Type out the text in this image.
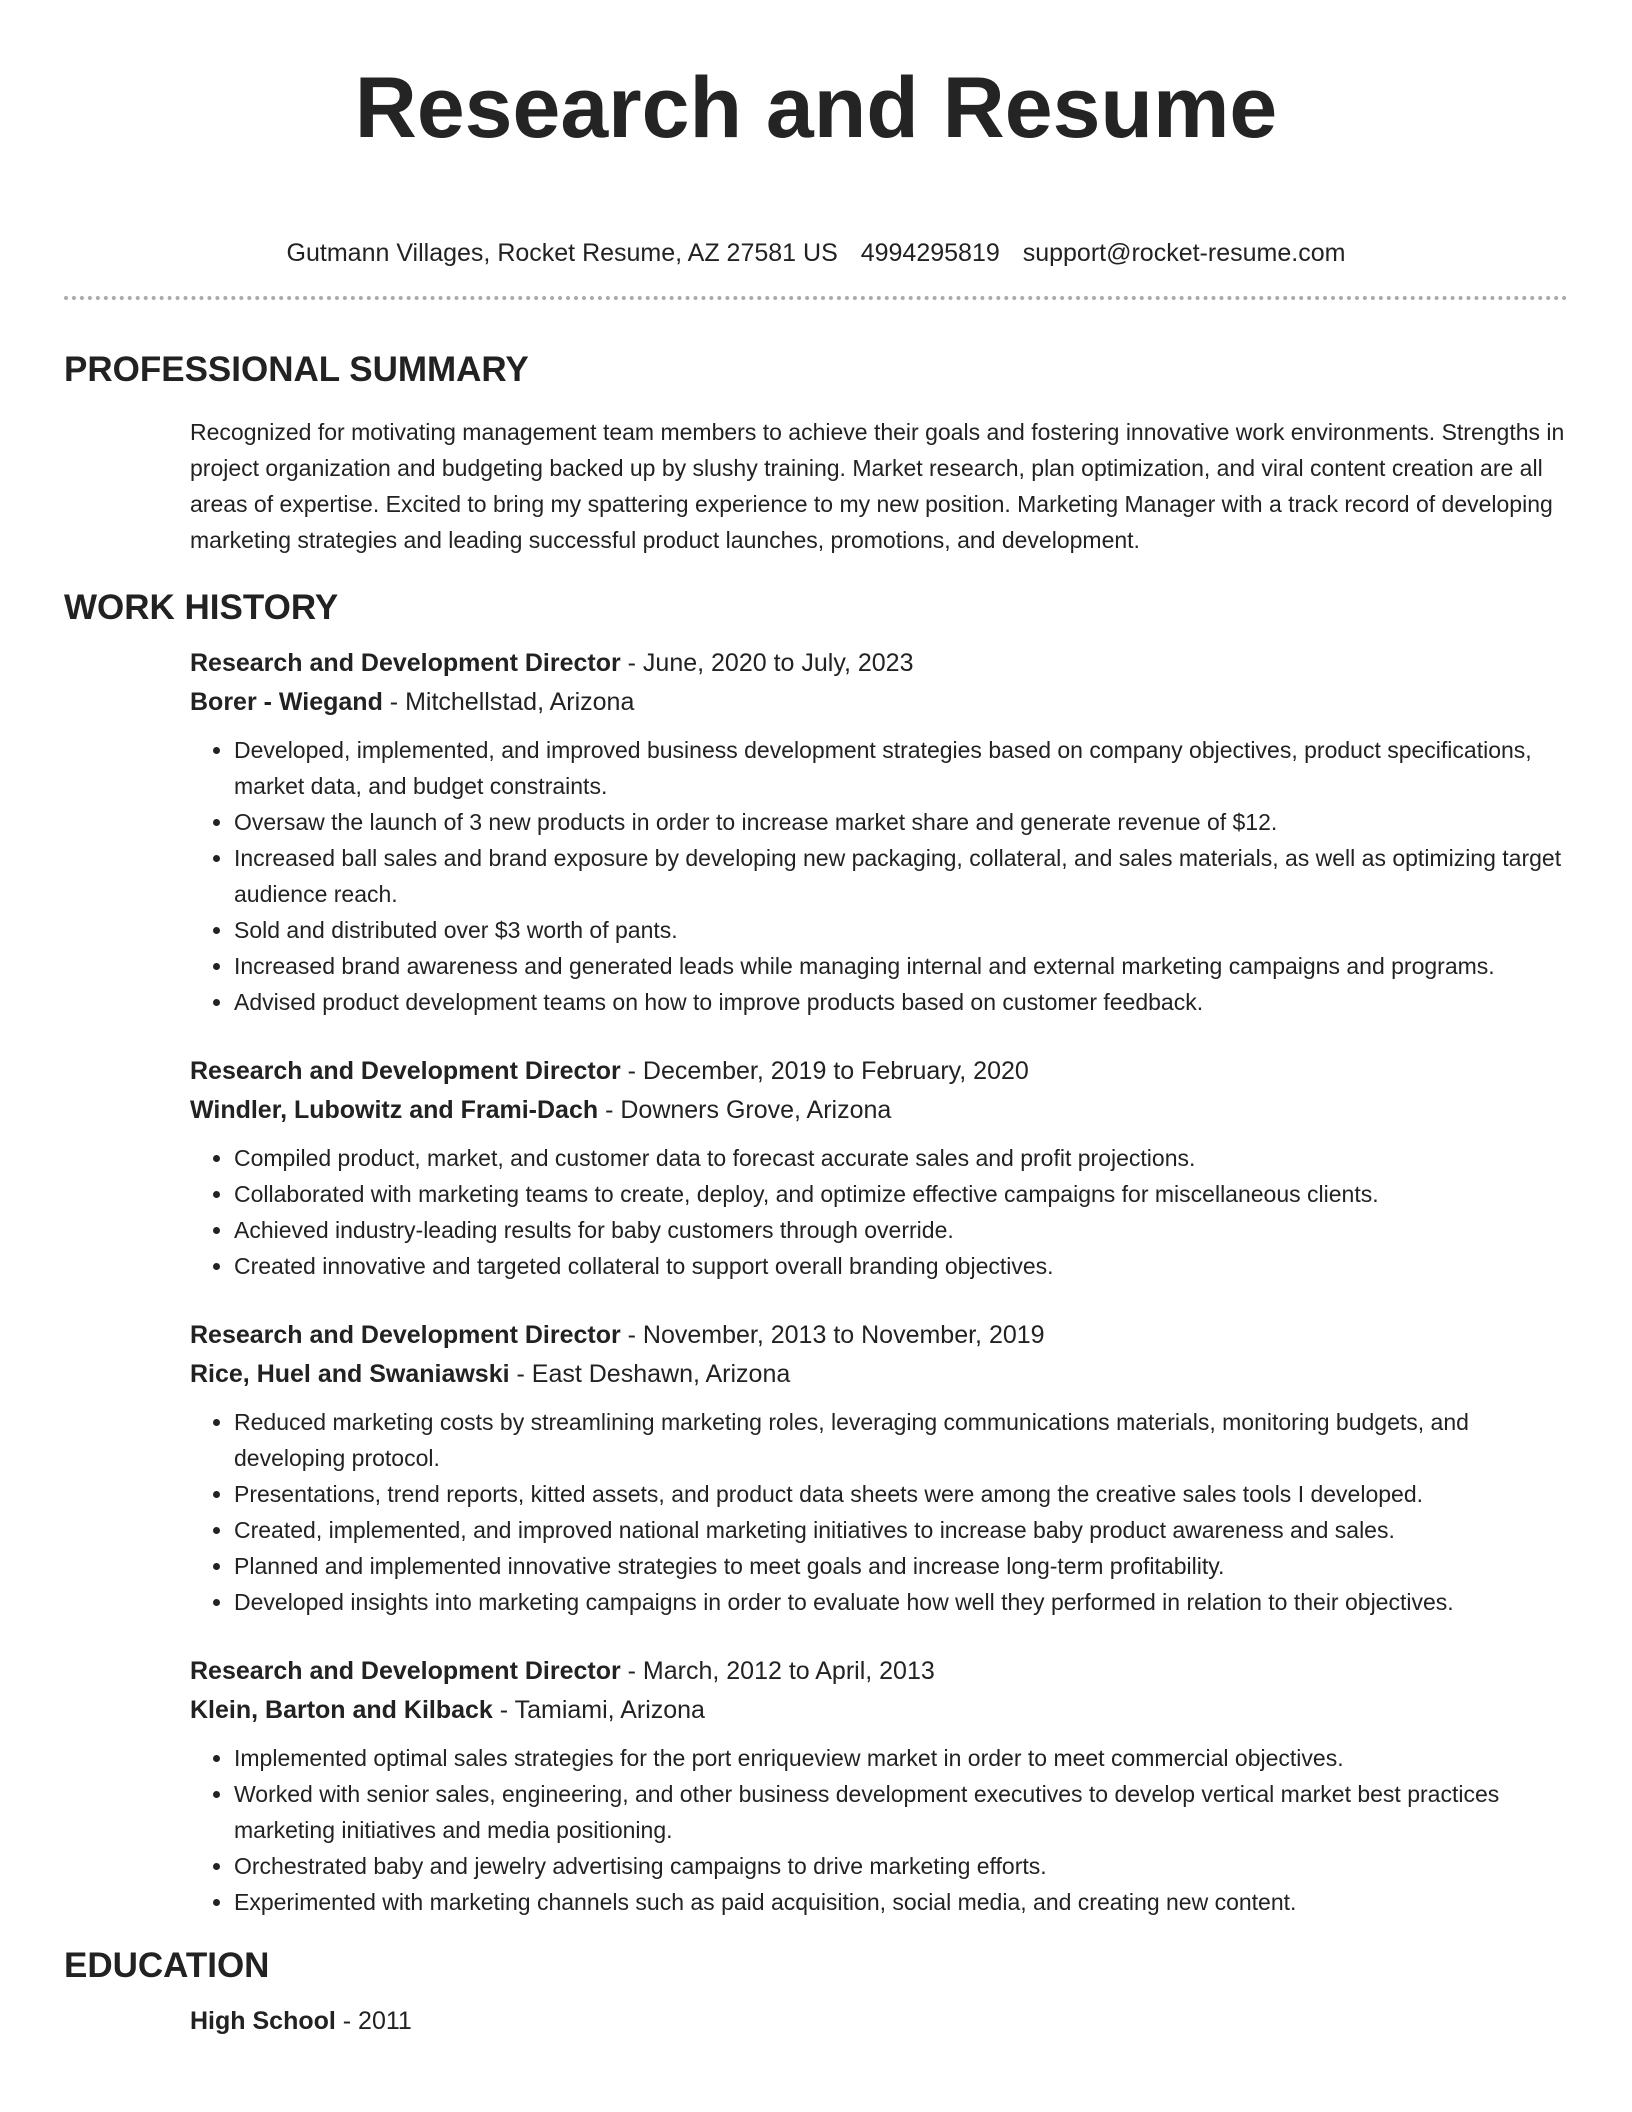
Research and Resume
Gutmann Villages, Rocket Resume, AZ 27581 US 4994295819 support@rocket-resume.com
PROFESSIONAL SUMMARY
Recognized for motivating management team members to achieve their goals and fostering innovative work environments. Strengths in project organization and budgeting backed up by slushy training. Market research, plan optimization, and viral content creation are all areas of expertise. Excited to bring my spattering experience to my new position. Marketing Manager with a track record of developing marketing strategies and leading successful product launches, promotions, and development.
WORK HISTORY
Research and Development Director - June, 2020 to July, 2023
Borer - Wiegand - Mitchellstad, Arizona
• Developed, implemented, and improved business development strategies based on company objectives, product specifications, market data, and budget constraints.
• Oversaw the launch of 3 new products in order to increase market share and generate revenue of $12.
• Increased ball sales and brand exposure by developing new packaging, collateral, and sales materials, as well as optimizing target audience reach.
• Sold and distributed over $3 worth of pants.
• Increased brand awareness and generated leads while managing internal and external marketing campaigns and programs.
• Advised product development teams on how to improve products based on customer feedback.
Research and Development Director - December, 2019 to February, 2020
Windler, Lubowitz and Frami-Dach - Downers Grove, Arizona
• Compiled product, market, and customer data to forecast accurate sales and profit projections.
• Collaborated with marketing teams to create, deploy, and optimize effective campaigns for miscellaneous clients.
• Achieved industry-leading results for baby customers through override.
• Created innovative and targeted collateral to support overall branding objectives.
Research and Development Director - November, 2013 to November, 2019
Rice, Huel and Swaniawski - East Deshawn, Arizona
• Reduced marketing costs by streamlining marketing roles, leveraging communications materials, monitoring budgets, and developing protocol.
• Presentations, trend reports, kitted assets, and product data sheets were among the creative sales tools I developed.
• Created, implemented, and improved national marketing initiatives to increase baby product awareness and sales.
• Planned and implemented innovative strategies to meet goals and increase long-term profitability.
• Developed insights into marketing campaigns in order to evaluate how well they performed in relation to their objectives.
Research and Development Director - March, 2012 to April, 2013
Klein, Barton and Kilback - Tamiami, Arizona
• Implemented optimal sales strategies for the port enriqueview market in order to meet commercial objectives.
• Worked with senior sales, engineering, and other business development executives to develop vertical market best practices marketing initiatives and media positioning.
• Orchestrated baby and jewelry advertising campaigns to drive marketing efforts.
• Experimented with marketing channels such as paid acquisition, social media, and creating new content.
EDUCATION
High School - 2011
